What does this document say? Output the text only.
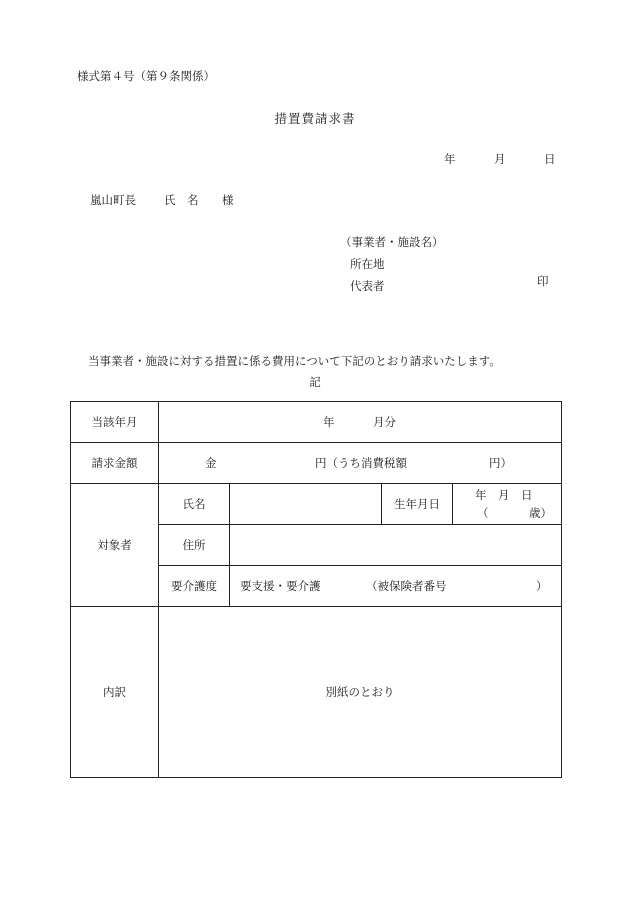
様式第４号（第９条関係）
措置費請求書
年	月	日
嵐山町長 氏　名 様
（事業者・施設名）
所在地
代表者	印
当事業者・施設に対する措置に係る費用について下記のとおり請求いたします。
記
当該年月	年 月分			

請求金額	金 円（うち消費税額 円）			

対象者	氏名		生年月日	年　月　日
（ 歳）

	住所			
	要介護度	要支援・要介護 （被保険者番号 ）		

内訳	別紙のとおり			
